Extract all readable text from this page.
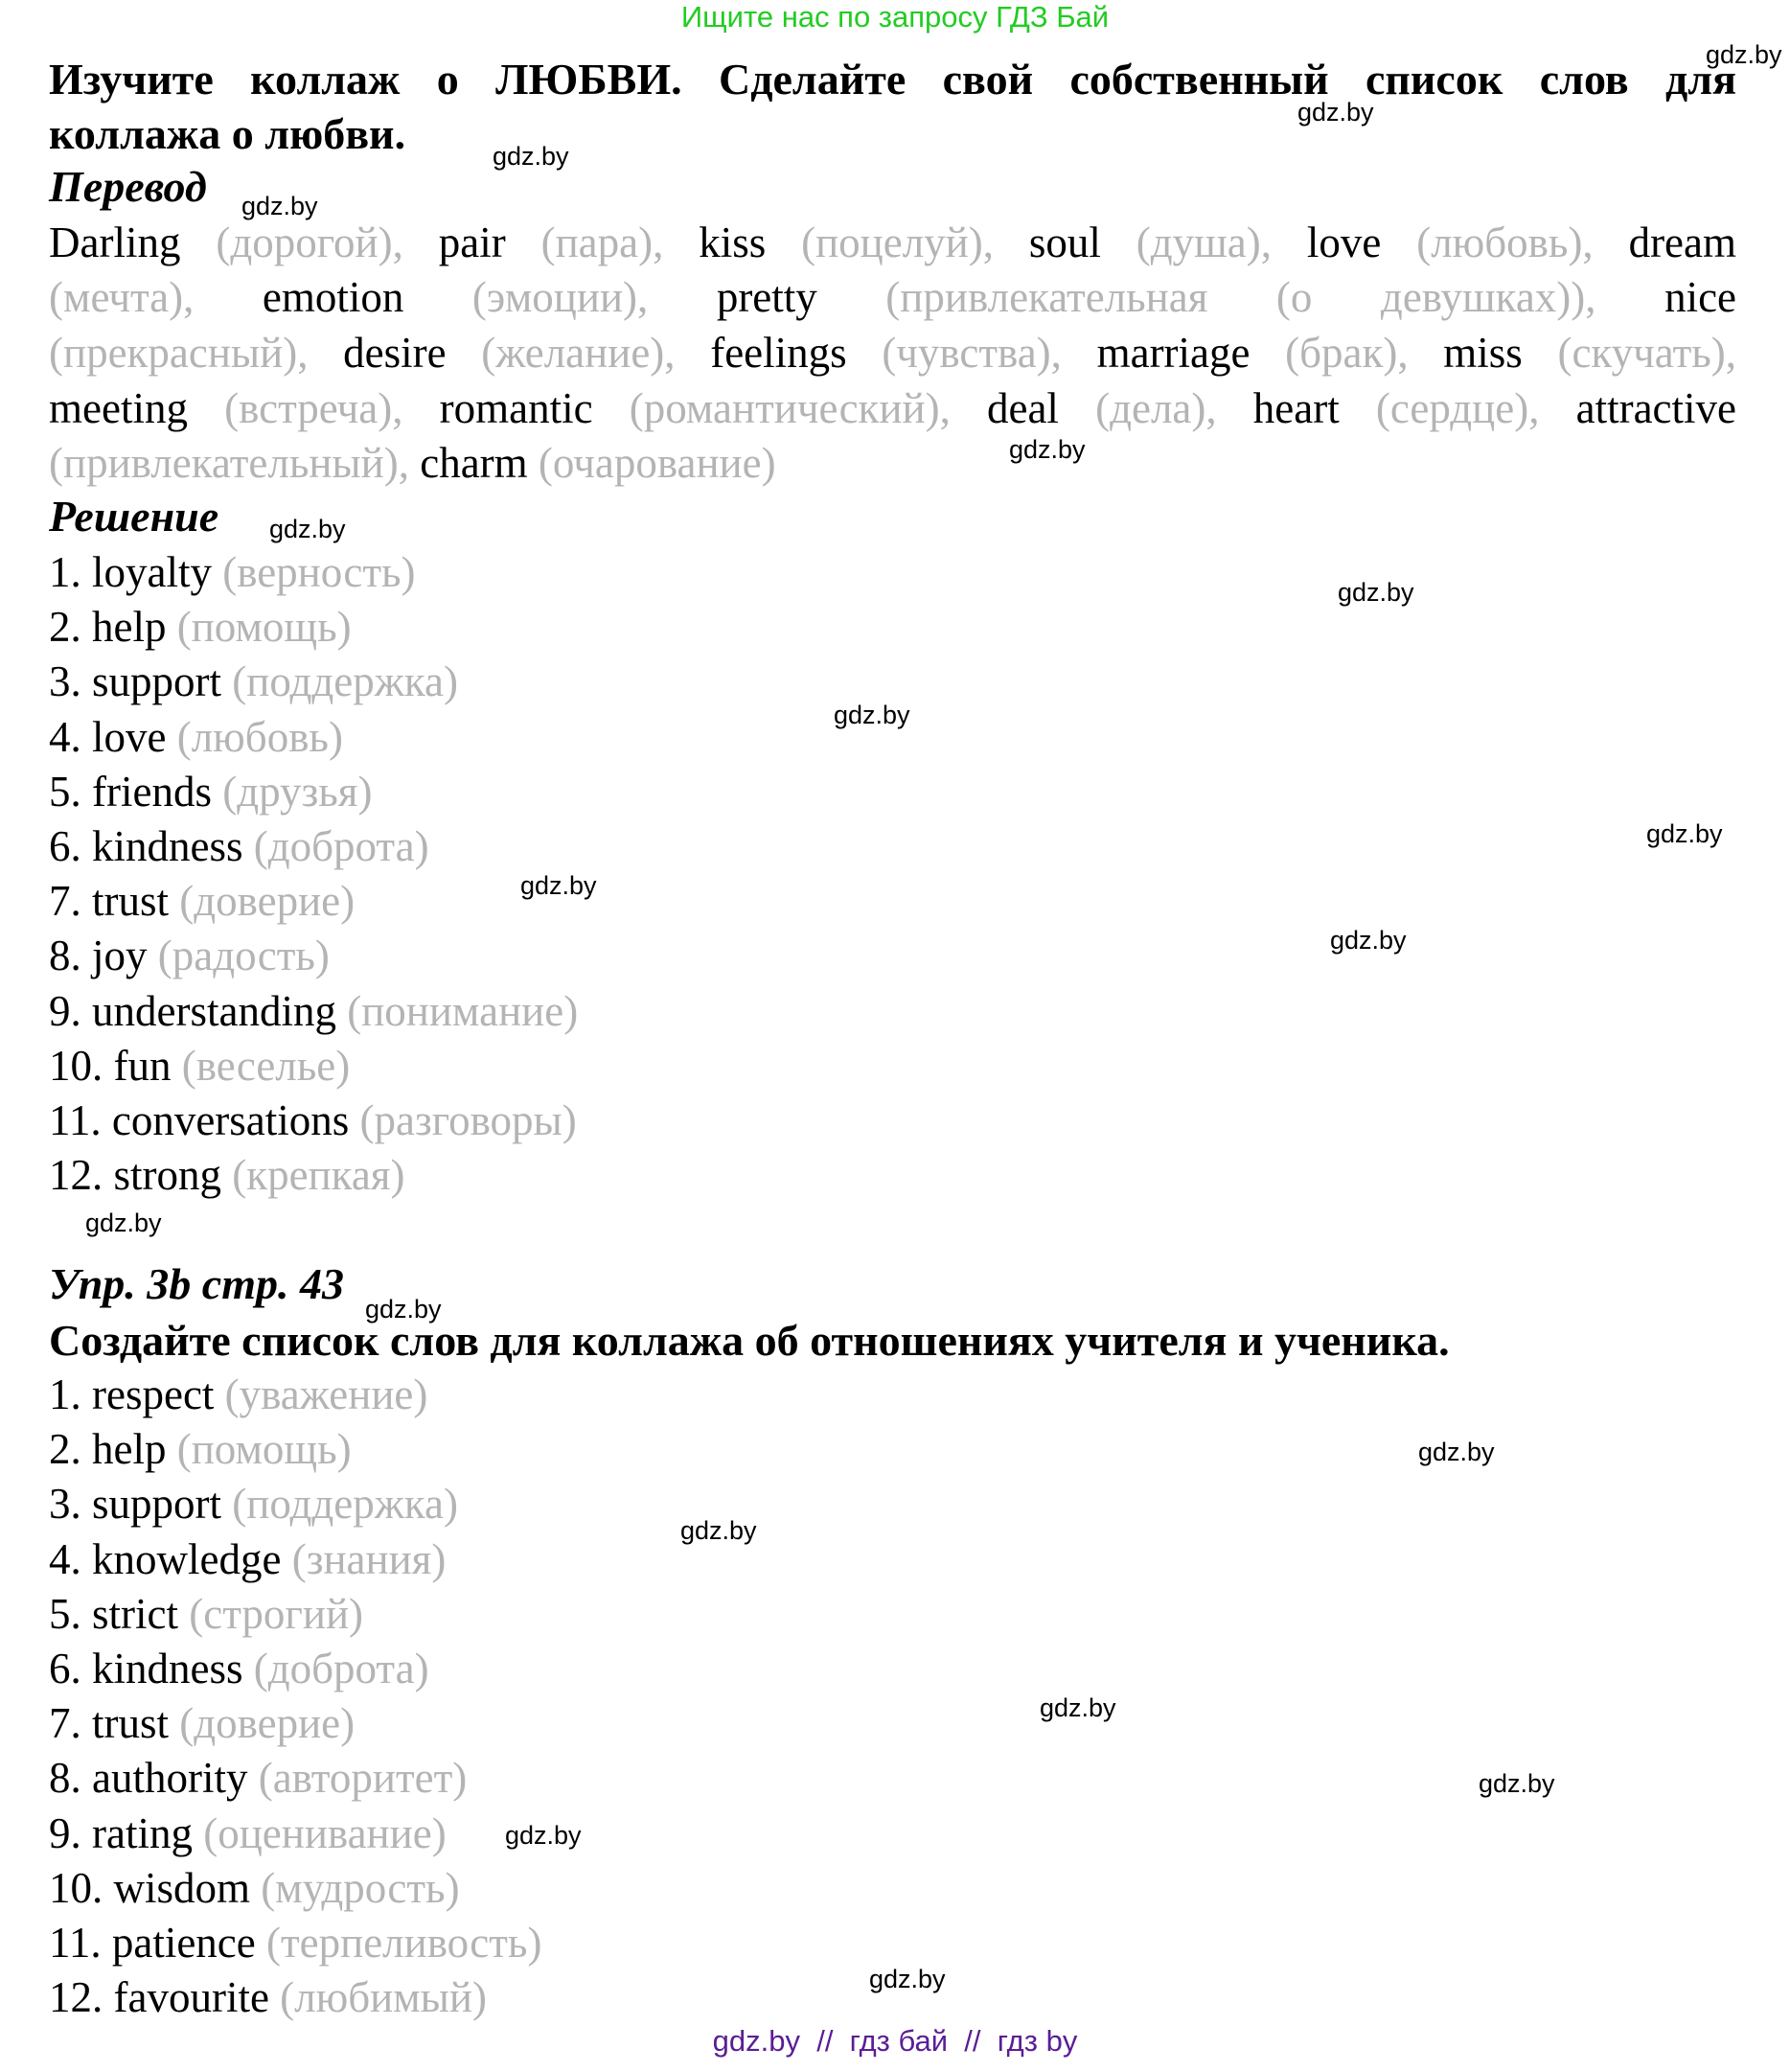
Ищите нас по запросу ГДЗ Бай
Изучите коллаж о ЛЮБВИ. Сделайте свой собственный список слов для
коллажа о любви.
Перевод
Darling (дорогой), pair (пара), kiss (поцелуй), soul (душа), love (любовь), dream
(мечта), emotion (эмоции), pretty (привлекательная (о девушках)), nice
(прекрасный), desire (желание), feelings (чувства), marriage (брак), miss (скучать),
meeting (встреча), romantic (романтический), deal (дела), heart (сердце), attractive
(привлекательный), charm (очарование)
Решение
1. loyalty (верность)
2. help (помощь)
3. support (поддержка)
4. love (любовь)
5. friends (друзья)
6. kindness (доброта)
7. trust (доверие)
8. joy (радость)
9. understanding (понимание)
10. fun (веселье)
11. conversations (разговоры)
12. strong (крепкая)
Упр. 3b стр. 43
Создайте список слов для коллажа об отношениях учителя и ученика.
1. respect (уважение)
2. help (помощь)
3. support (поддержка)
4. knowledge (знания)
5. strict (строгий)
6. kindness (доброта)
7. trust (доверие)
8. authority (авторитет)
9. rating (оценивание)
10. wisdom (мудрость)
11. patience (терпеливость)
12. favourite (любимый)
gdz.by
gdz.by
gdz.by
gdz.by
gdz.by
gdz.by
gdz.by
gdz.by
gdz.by
gdz.by
gdz.by
gdz.by
gdz.by
gdz.by
gdz.by
gdz.by
gdz.by
gdz.by
gdz.by
gdz.by  //  гдз бай  //  гдз by
